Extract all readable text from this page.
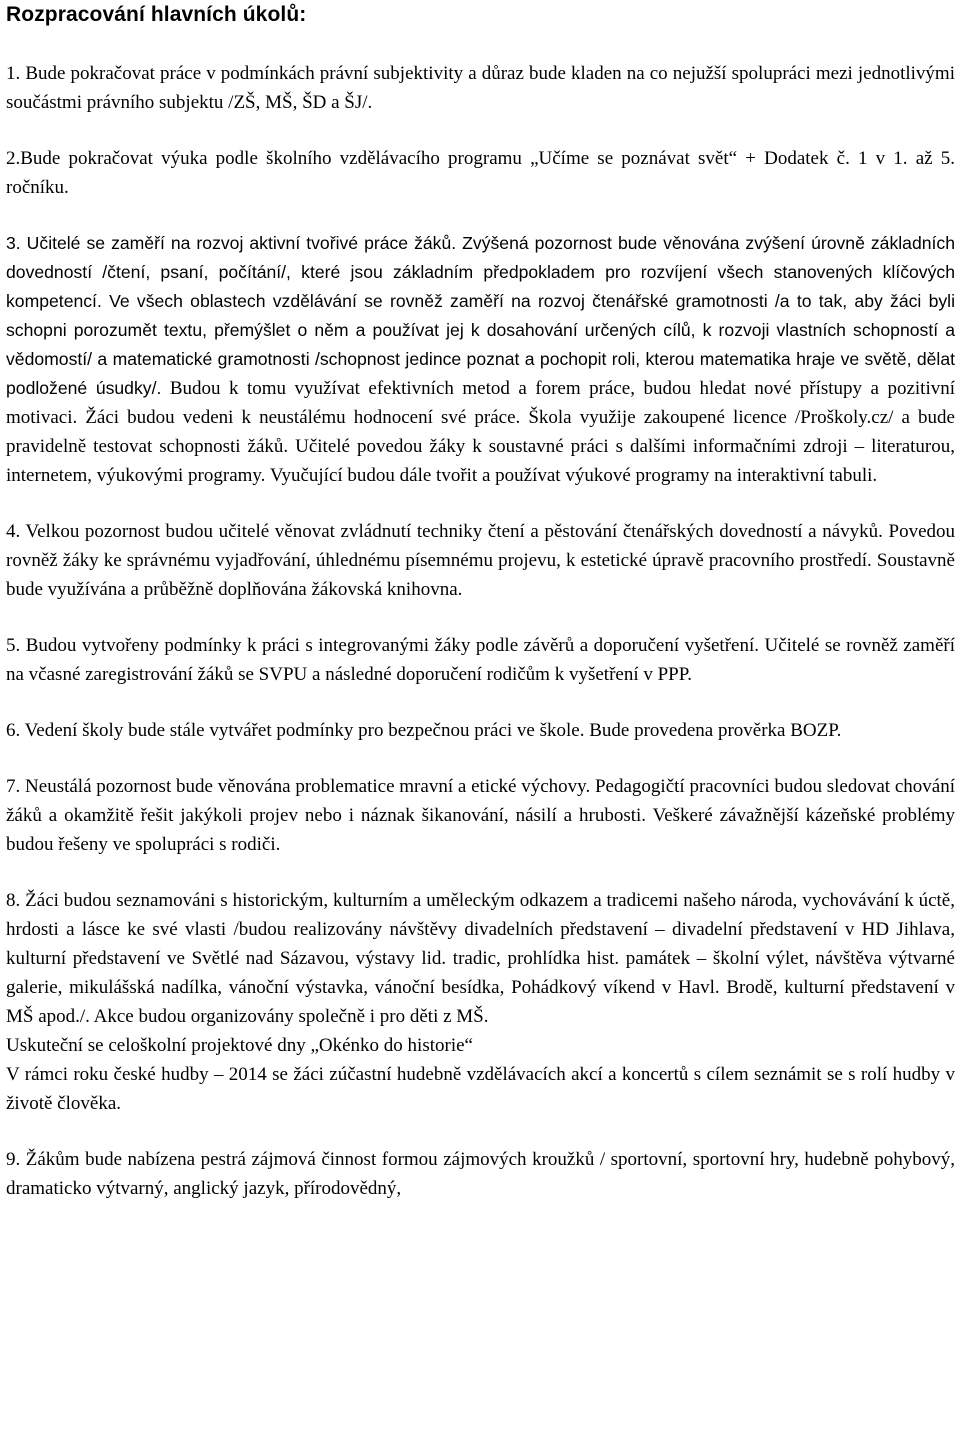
Rozpracování hlavních úkolů:

1. Bude pokračovat práce v podmínkách právní subjektivity a důraz bude kladen na co nejužší spolupráci mezi jednotlivými součástmi právního subjektu /ZŠ, MŠ, ŠD a ŠJ/.

2.Bude pokračovat výuka podle školního vzdělávacího programu „Učíme se poznávat svět“ + Dodatek č. 1 v 1. až 5. ročníku.

3. Učitelé se zaměří na rozvoj aktivní tvořivé práce žáků. Zvýšená pozornost bude věnována zvýšení úrovně základních dovedností /čtení, psaní, počítání/, které jsou základním předpokladem pro rozvíjení všech stanovených klíčových kompetencí. Ve všech oblastech vzdělávání se rovněž zaměří na rozvoj čtenářské gramotnosti /a to tak, aby žáci byli schopni porozumět textu, přemýšlet o něm a používat jej k dosahování určených cílů, k rozvoji vlastních schopností a vědomostí/ a matematické gramotnosti /schopnost jedince poznat a pochopit roli, kterou matematika hraje ve světě, dělat podložené úsudky/. Budou k tomu využívat efektivních metod a forem práce, budou hledat nové přístupy a pozitivní motivaci. Žáci budou vedeni k neustálému hodnocení své práce. Škola využije zakoupené licence /Proškoly.cz/ a bude pravidelně testovat schopnosti žáků. Učitelé povedou žáky k soustavné práci s dalšími informačními zdroji – literaturou, internetem, výukovými programy. Vyučující budou dále tvořit a používat výukové programy na interaktivní tabuli.

4. Velkou pozornost budou učitelé věnovat zvládnutí techniky čtení a pěstování čtenářských dovedností a návyků. Povedou rovněž žáky ke správnému vyjadřování, úhlednému písemnému projevu, k estetické úpravě pracovního prostředí. Soustavně bude využívána a průběžně doplňována žákovská knihovna.

5. Budou vytvořeny podmínky k práci s integrovanými žáky podle závěrů a doporučení vyšetření. Učitelé se rovněž zaměří na včasné zaregistrování žáků se SVPU a následné doporučení rodičům k vyšetření v PPP.

6. Vedení školy bude stále vytvářet podmínky pro bezpečnou práci ve škole. Bude provedena prověrka BOZP.

7. Neustálá pozornost bude věnována problematice mravní a etické výchovy. Pedagogičtí pracovníci budou sledovat chování žáků a okamžitě řešit jakýkoli projev nebo i náznak šikanování, násilí a hrubosti. Veškeré závažnější kázeňské problémy budou řešeny ve spolupráci s rodiči.

8. Žáci budou seznamováni s historickým, kulturním a uměleckým odkazem a tradicemi našeho národa, vychovávání k úctě, hrdosti a lásce ke své vlasti /budou realizovány návštěvy divadelních představení – divadelní představení v HD Jihlava, kulturní představení ve Světlé nad Sázavou, výstavy lid. tradic, prohlídka hist. památek – školní výlet, návštěva výtvarné galerie, mikulášská nadílka, vánoční výstavka, vánoční besídka, Pohádkový víkend v Havl. Brodě, kulturní představení v MŠ apod./. Akce budou organizovány společně i pro děti z MŠ.

Uskuteční se celoškolní projektové dny „Okénko do historie“

V rámci roku české hudby – 2014 se žáci zúčastní hudebně vzdělávacích akcí a koncertů s cílem seznámit se s rolí hudby v životě člověka.

9. Žákům bude nabízena pestrá zájmová činnost formou zájmových kroužků / sportovní, sportovní hry, hudebně pohybový, dramaticko výtvarný, anglický jazyk, přírodovědný,
